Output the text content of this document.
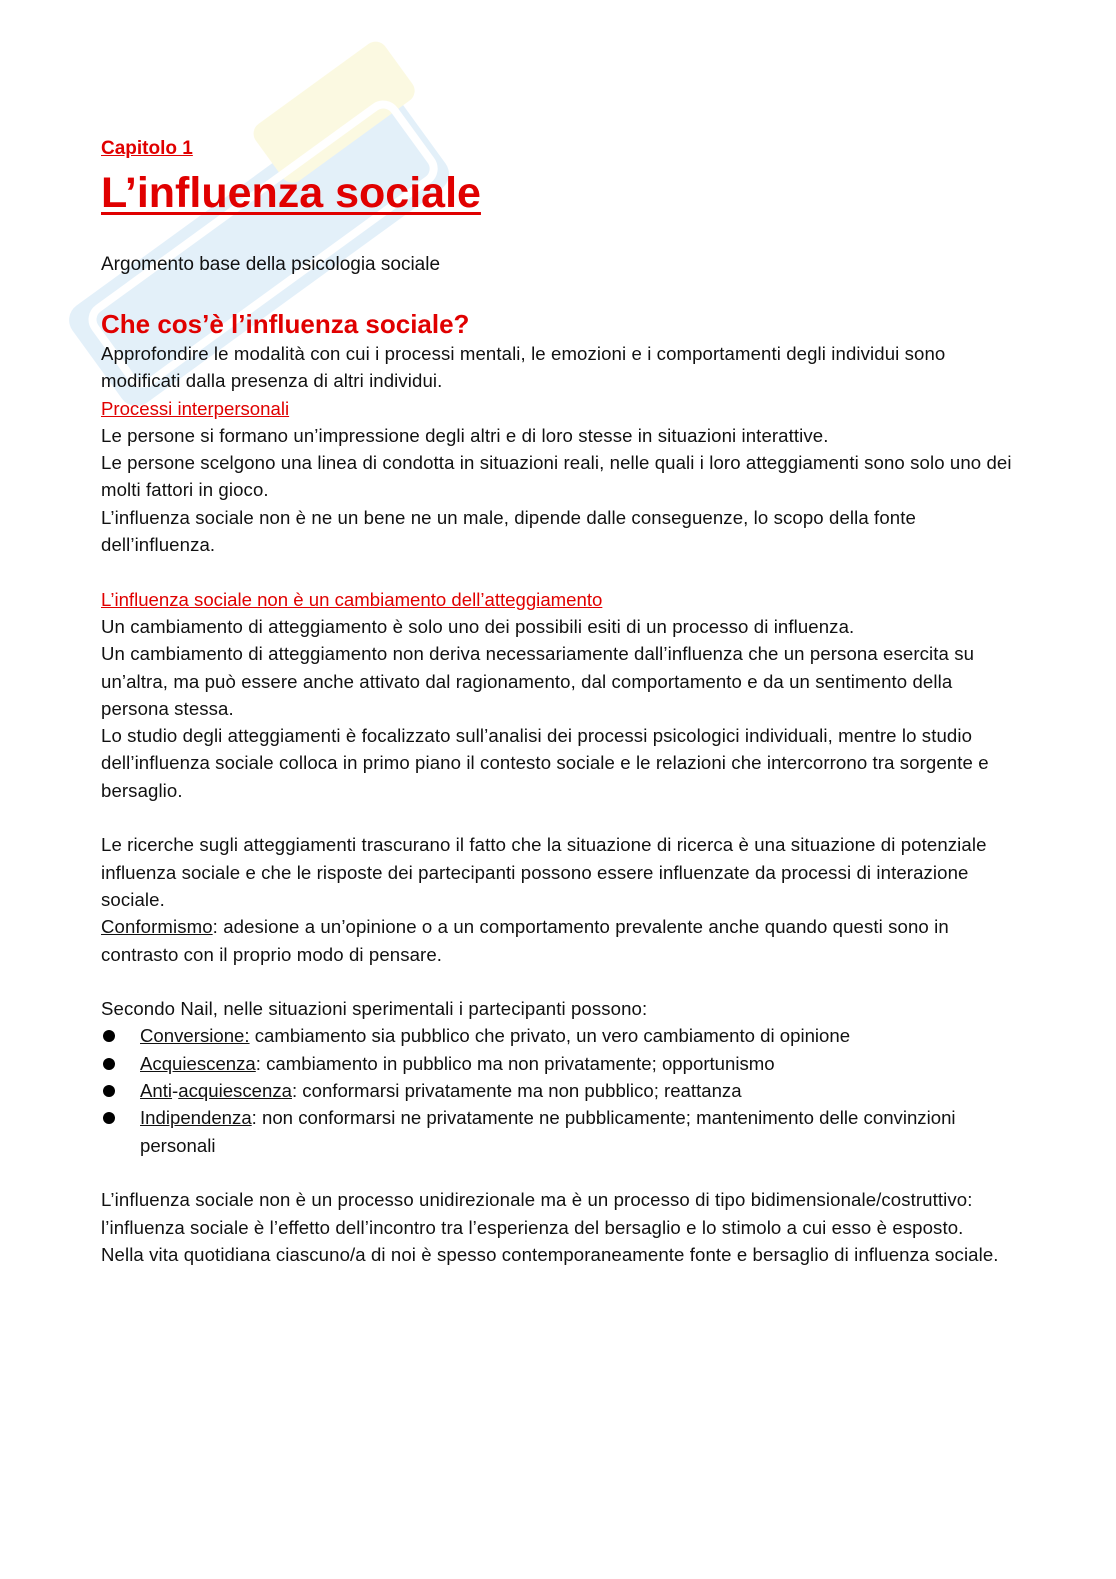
Capitolo 1
L’influenza sociale
Argomento base della psicologia sociale
Che cos’è l’influenza sociale?
Approfondire le modalità con cui i processi mentali, le emozioni e i comportamenti degli individui sono modificati dalla presenza di altri individui.
Processi interpersonali
Le persone si formano un’impressione degli altri e di loro stesse in situazioni interattive.
Le persone scelgono una linea di condotta in situazioni reali, nelle quali i loro atteggiamenti sono solo uno dei molti fattori in gioco.
L’influenza sociale non è ne un bene ne un male, dipende dalle conseguenze, lo scopo della fonte dell’influenza.
L’influenza sociale non è un cambiamento dell’atteggiamento
Un cambiamento di atteggiamento è solo uno dei possibili esiti di un processo di influenza.
Un cambiamento di atteggiamento non deriva necessariamente dall’influenza che un persona esercita su un’altra, ma può essere anche attivato dal ragionamento, dal comportamento e da un sentimento della persona stessa.
Lo studio degli atteggiamenti è focalizzato sull’analisi dei processi psicologici individuali, mentre lo studio dell’influenza sociale colloca in primo piano il contesto sociale e le relazioni che intercorrono tra sorgente e bersaglio.
Le ricerche sugli atteggiamenti trascurano il fatto che la situazione di ricerca è una situazione di potenziale influenza sociale e che le risposte dei partecipanti possono essere influenzate da processi di interazione sociale.
Conformismo: adesione a un’opinione o a un comportamento prevalente anche quando questi sono in contrasto con il proprio modo di pensare.
Secondo Nail, nelle situazioni sperimentali i partecipanti possono:
Conversione: cambiamento sia pubblico che privato, un vero cambiamento di opinione
Acquiescenza: cambiamento in pubblico ma non privatamente; opportunismo
Anti-acquiescenza: conformarsi privatamente ma non pubblico; reattanza
Indipendenza: non conformarsi ne privatamente ne pubblicamente; mantenimento delle convinzioni personali
L’influenza sociale non è un processo unidirezionale ma è un processo di tipo bidimensionale/costruttivo: l’influenza sociale è l’effetto dell’incontro tra l’esperienza del bersaglio e lo stimolo a cui esso è esposto.
Nella vita quotidiana ciascuno/a di noi è spesso contemporaneamente fonte e bersaglio di influenza sociale.
